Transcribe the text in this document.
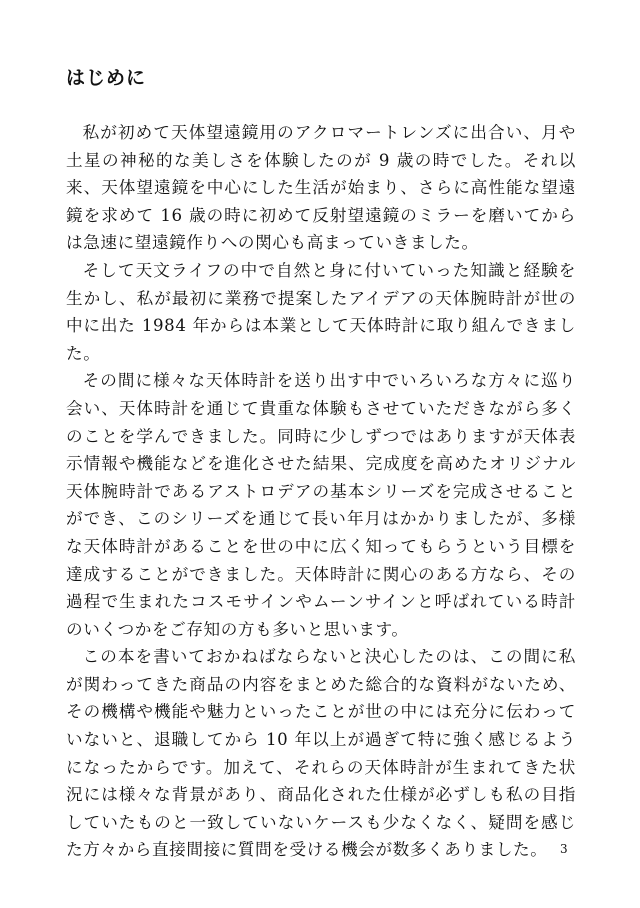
はじめに

私が初めて天体望遠鏡用のアクロマートレンズに出合い、月や土星の神秘的な美しさを体験したのが 9 歳の時でした。それ以来、天体望遠鏡を中心にした生活が始まり、さらに高性能な望遠鏡を求めて 16 歳の時に初めて反射望遠鏡のミラーを磨いてからは急速に望遠鏡作りへの関心も高まっていきました。

そして天文ライフの中で自然と身に付いていった知識と経験を生かし、私が最初に業務で提案したアイデアの天体腕時計が世の中に出た 1984 年からは本業として天体時計に取り組んできました。

その間に様々な天体時計を送り出す中でいろいろな方々に巡り会い、天体時計を通じて貴重な体験もさせていただきながら多くのことを学んできました。同時に少しずつではありますが天体表示情報や機能などを進化させた結果、完成度を高めたオリジナル天体腕時計であるアストロデアの基本シリーズを完成させることができ、このシリーズを通じて長い年月はかかりましたが、多様な天体時計があることを世の中に広く知ってもらうという目標を達成することができました。天体時計に関心のある方なら、その過程で生まれたコスモサインやムーンサインと呼ばれている時計のいくつかをご存知の方も多いと思います。

この本を書いておかねばならないと決心したのは、この間に私が関わってきた商品の内容をまとめた総合的な資料がないため、その機構や機能や魅力といったことが世の中には充分に伝わっていないと、退職してから 10 年以上が過ぎて特に強く感じるようになったからです。加えて、それらの天体時計が生まれてきた状況には様々な背景があり、商品化された仕様が必ずしも私の目指していたものと一致していないケースも少なくなく、疑問を感じた方々から直接間接に質問を受ける機会が数多くありました。	3
